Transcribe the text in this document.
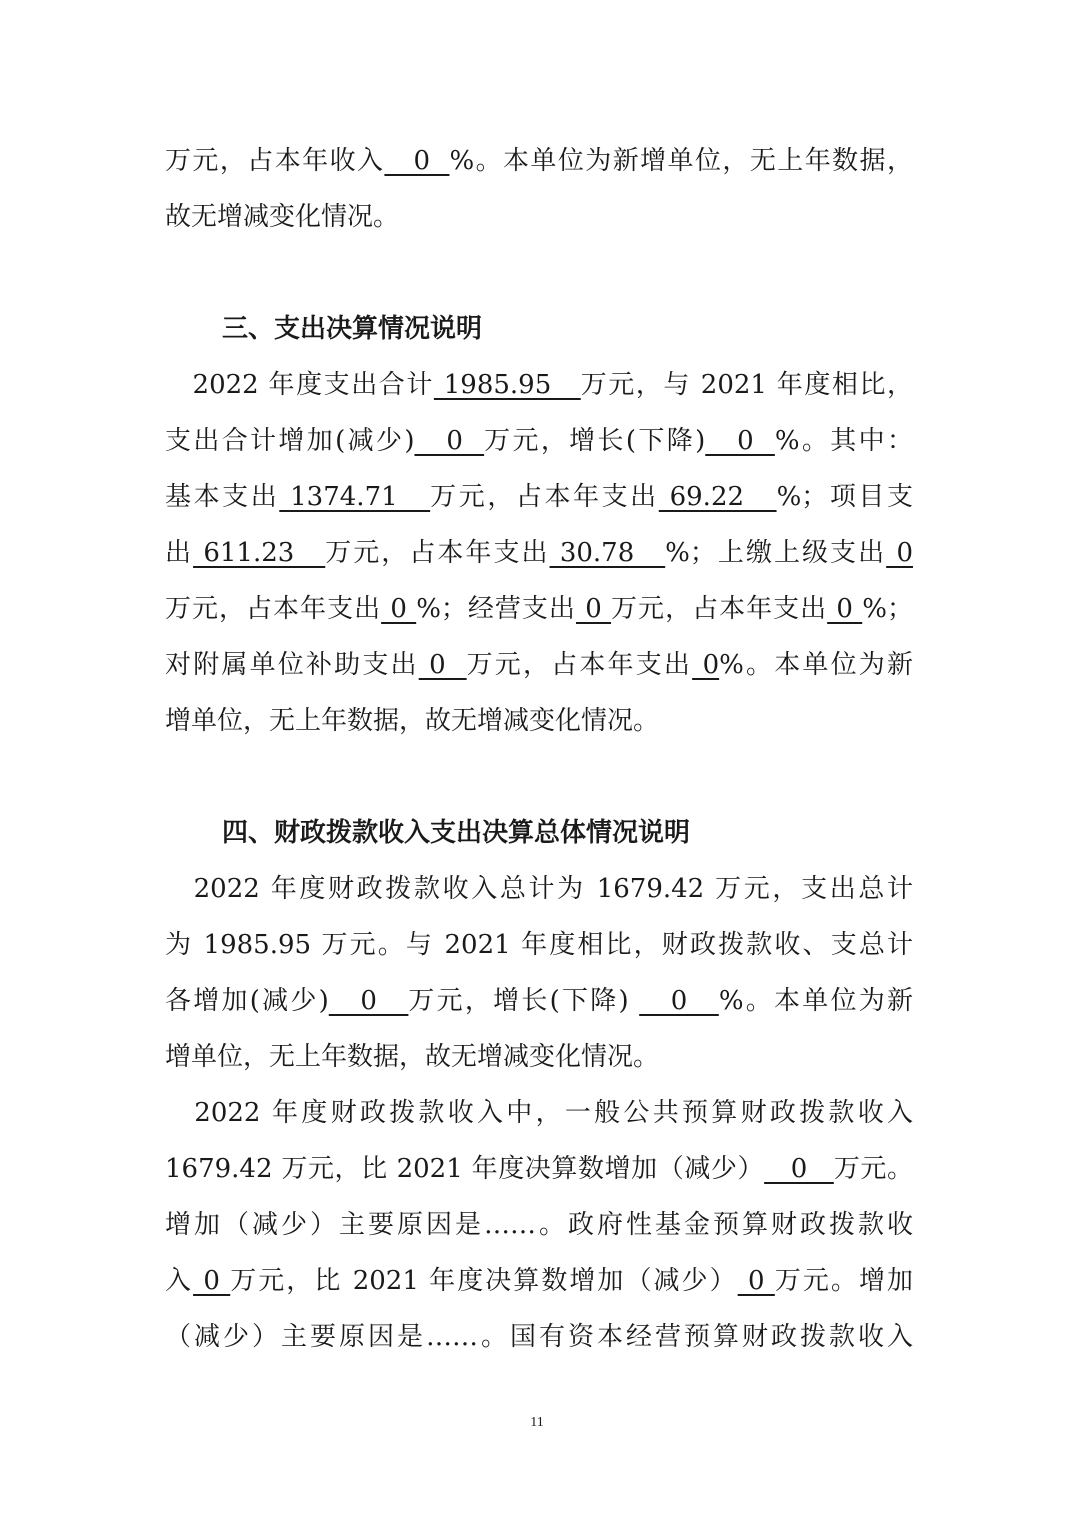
万元，占本年收入   0  %。本单位为新增单位，无上年数据，
故无增减变化情况。
三、支出决算情况说明
　2022 年度支出合计 1985.95   万元，与 2021 年度相比，
支出合计增加(减少)   0  万元，增长(下降)   0  %。其中：
基本支出 1374.71   万元，占本年支出 69.22   %；项目支
出 611.23   万元，占本年支出 30.78   %；上缴上级支出 0
万元，占本年支出 0 %；经营支出 0 万元，占本年支出 0 %；
对附属单位补助支出 0  万元，占本年支出 0%。本单位为新
增单位，无上年数据，故无增减变化情况。
四、财政拨款收入支出决算总体情况说明
　2022 年度财政拨款收入总计为 1679.42 万元，支出总计
为 1985.95 万元。与 2021 年度相比，财政拨款收、支总计
各增加(减少)   0   万元，增长(下降)    0   %。本单位为新
增单位，无上年数据，故无增减变化情况。
　2022 年度财政拨款收入中，一般公共预算财政拨款收入
1679.42 万元，比 2021 年度决算数增加（减少）   0   万元。
增加（减少）主要原因是……。政府性基金预算财政拨款收
入 0 万元，比 2021 年度决算数增加（减少） 0 万元。增加
（减少）主要原因是……。国有资本经营预算财政拨款收入
11
